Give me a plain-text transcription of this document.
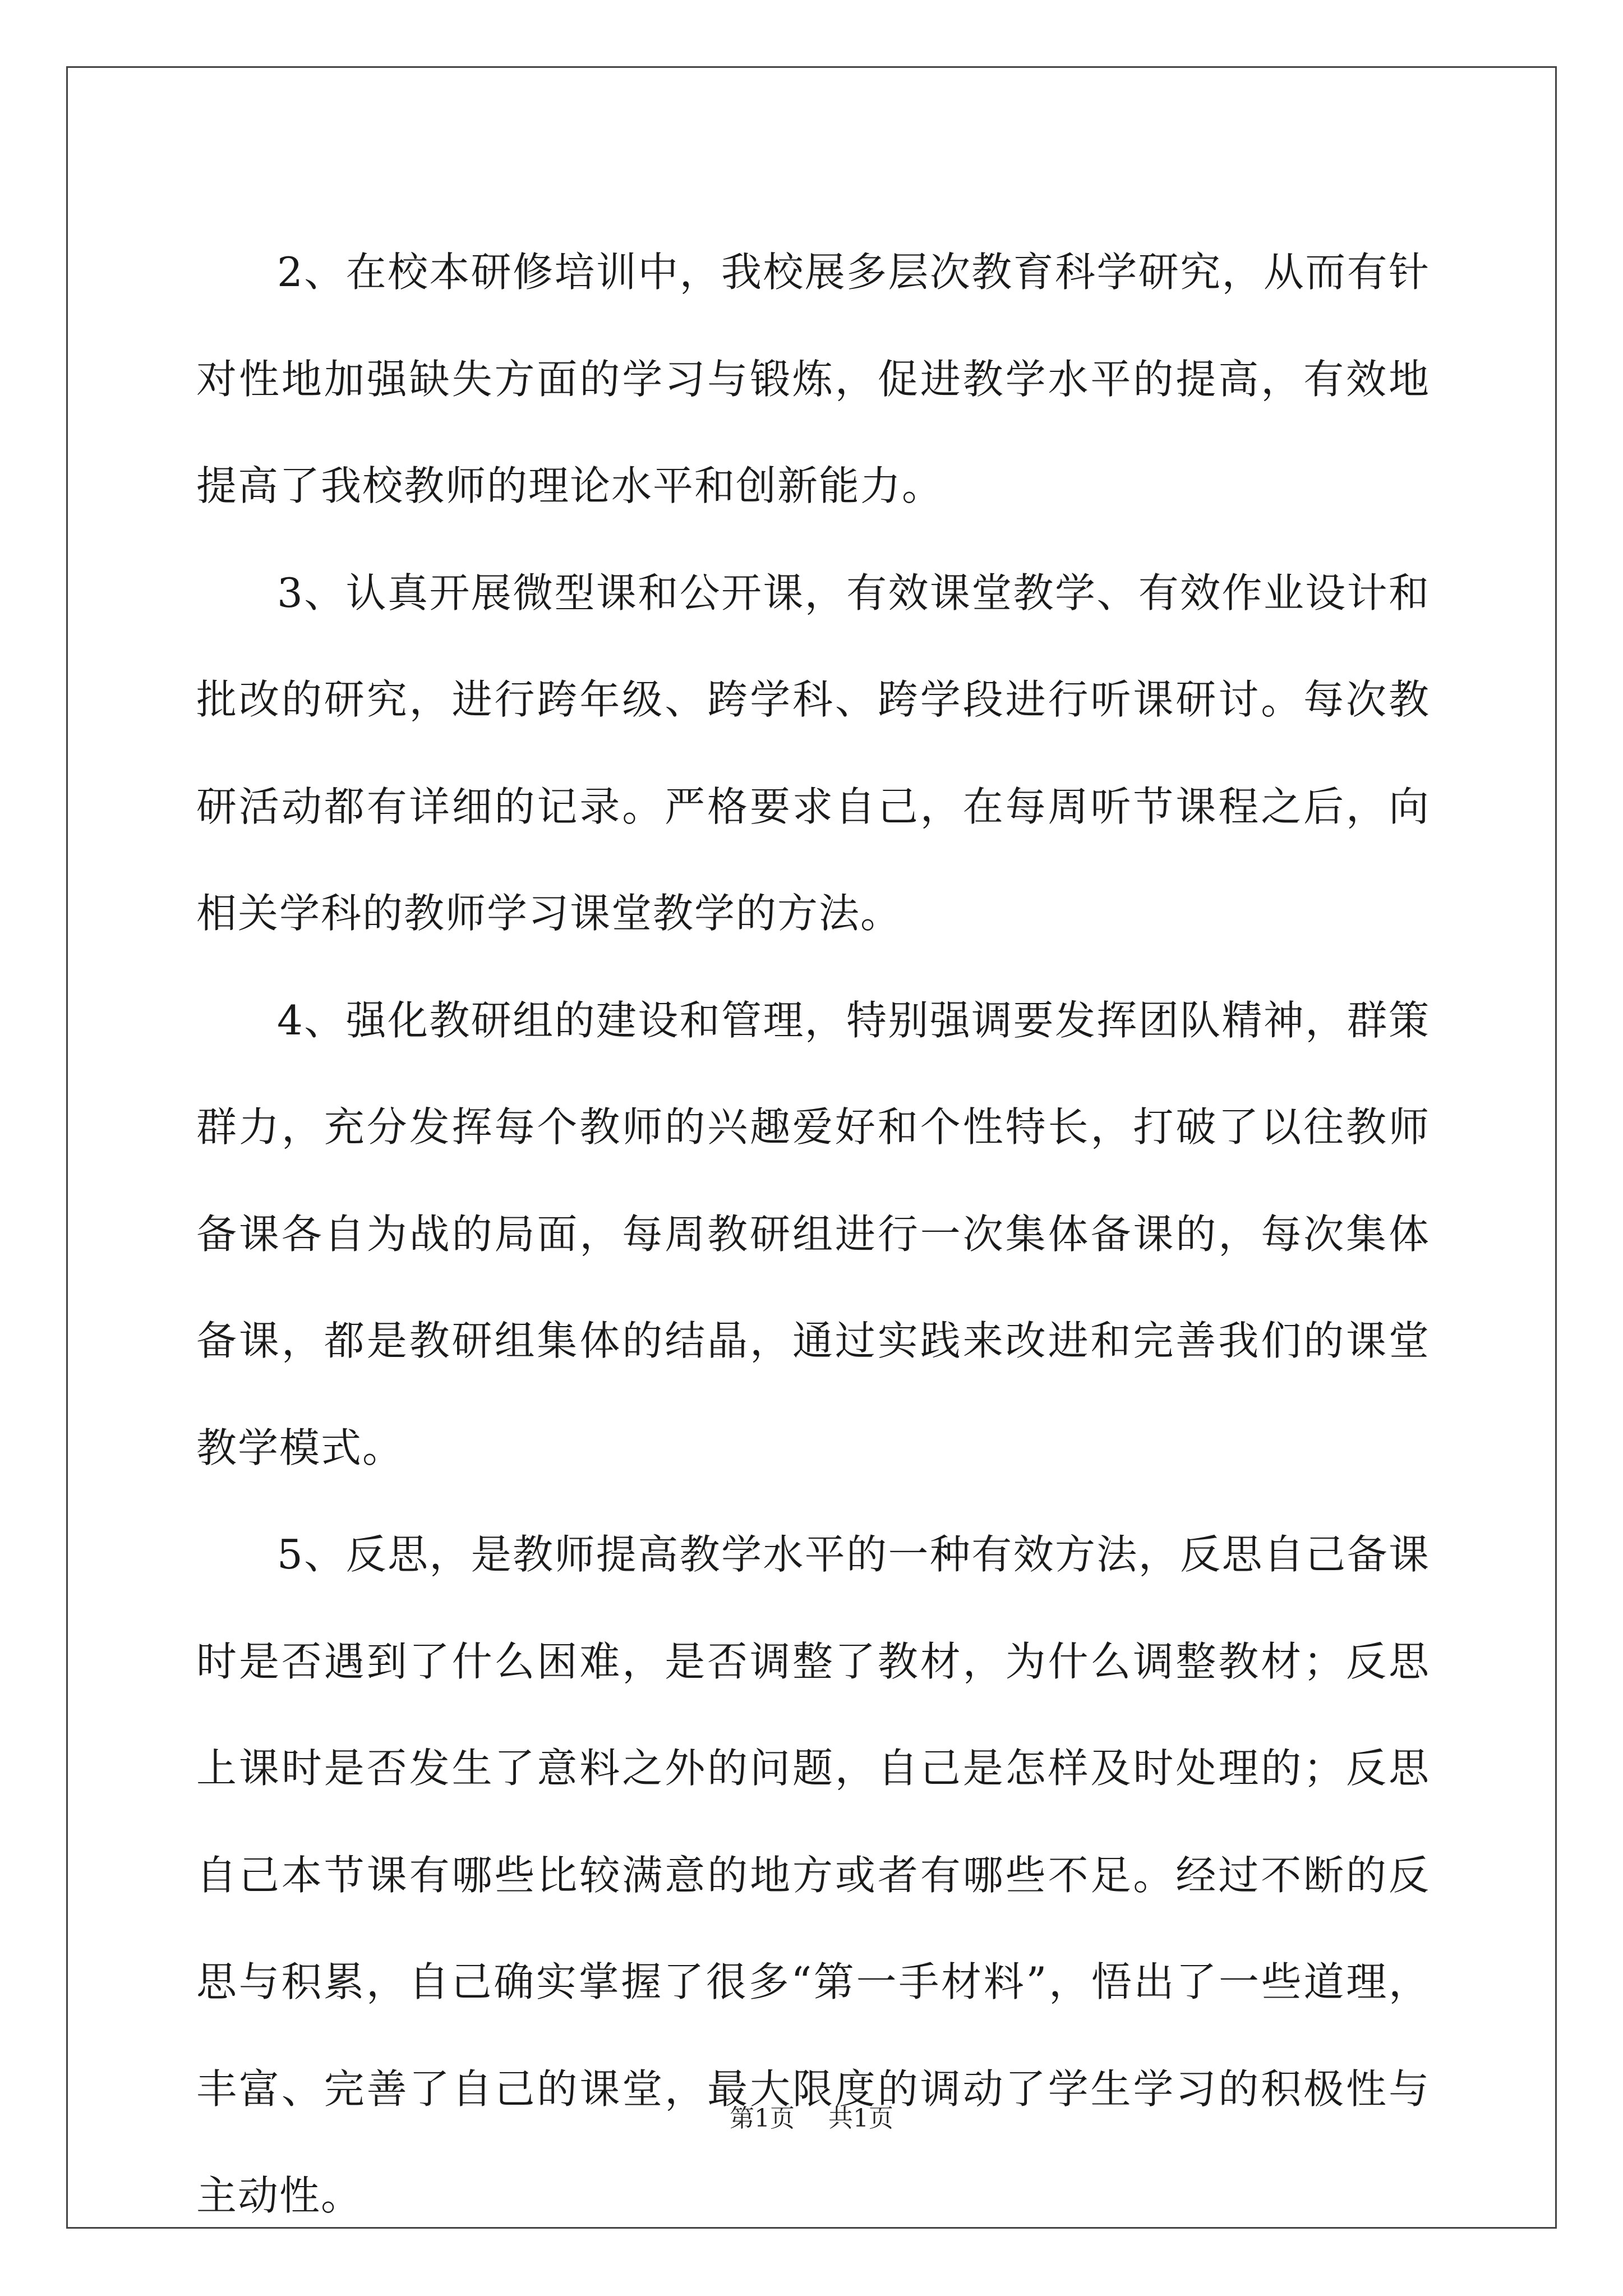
2、在校本研修培训中，我校展多层次教育科学研究，从而有针对性地加强缺失方面的学习与锻炼，促进教学水平的提高，有效地提高了我校教师的理论水平和创新能力。

3、认真开展微型课和公开课，有效课堂教学、有效作业设计和批改的研究，进行跨年级、跨学科、跨学段进行听课研讨。每次教研活动都有详细的记录。严格要求自己，在每周听节课程之后，向相关学科的教师学习课堂教学的方法。

4、强化教研组的建设和管理，特别强调要发挥团队精神，群策群力，充分发挥每个教师的兴趣爱好和个性特长，打破了以往教师备课各自为战的局面，每周教研组进行一次集体备课的，每次集体备课，都是教研组集体的结晶，通过实践来改进和完善我们的课堂教学模式。

5、反思，是教师提高教学水平的一种有效方法，反思自己备课时是否遇到了什么困难，是否调整了教材，为什么调整教材；反思上课时是否发生了意料之外的问题，自己是怎样及时处理的；反思自己本节课有哪些比较满意的地方或者有哪些不足。经过不断的反思与积累，自己确实掌握了很多“第一手材料”，悟出了一些道理，丰富、完善了自己的课堂，最大限度的调动了学生学习的积极性与主动性。

第1页 共1页
